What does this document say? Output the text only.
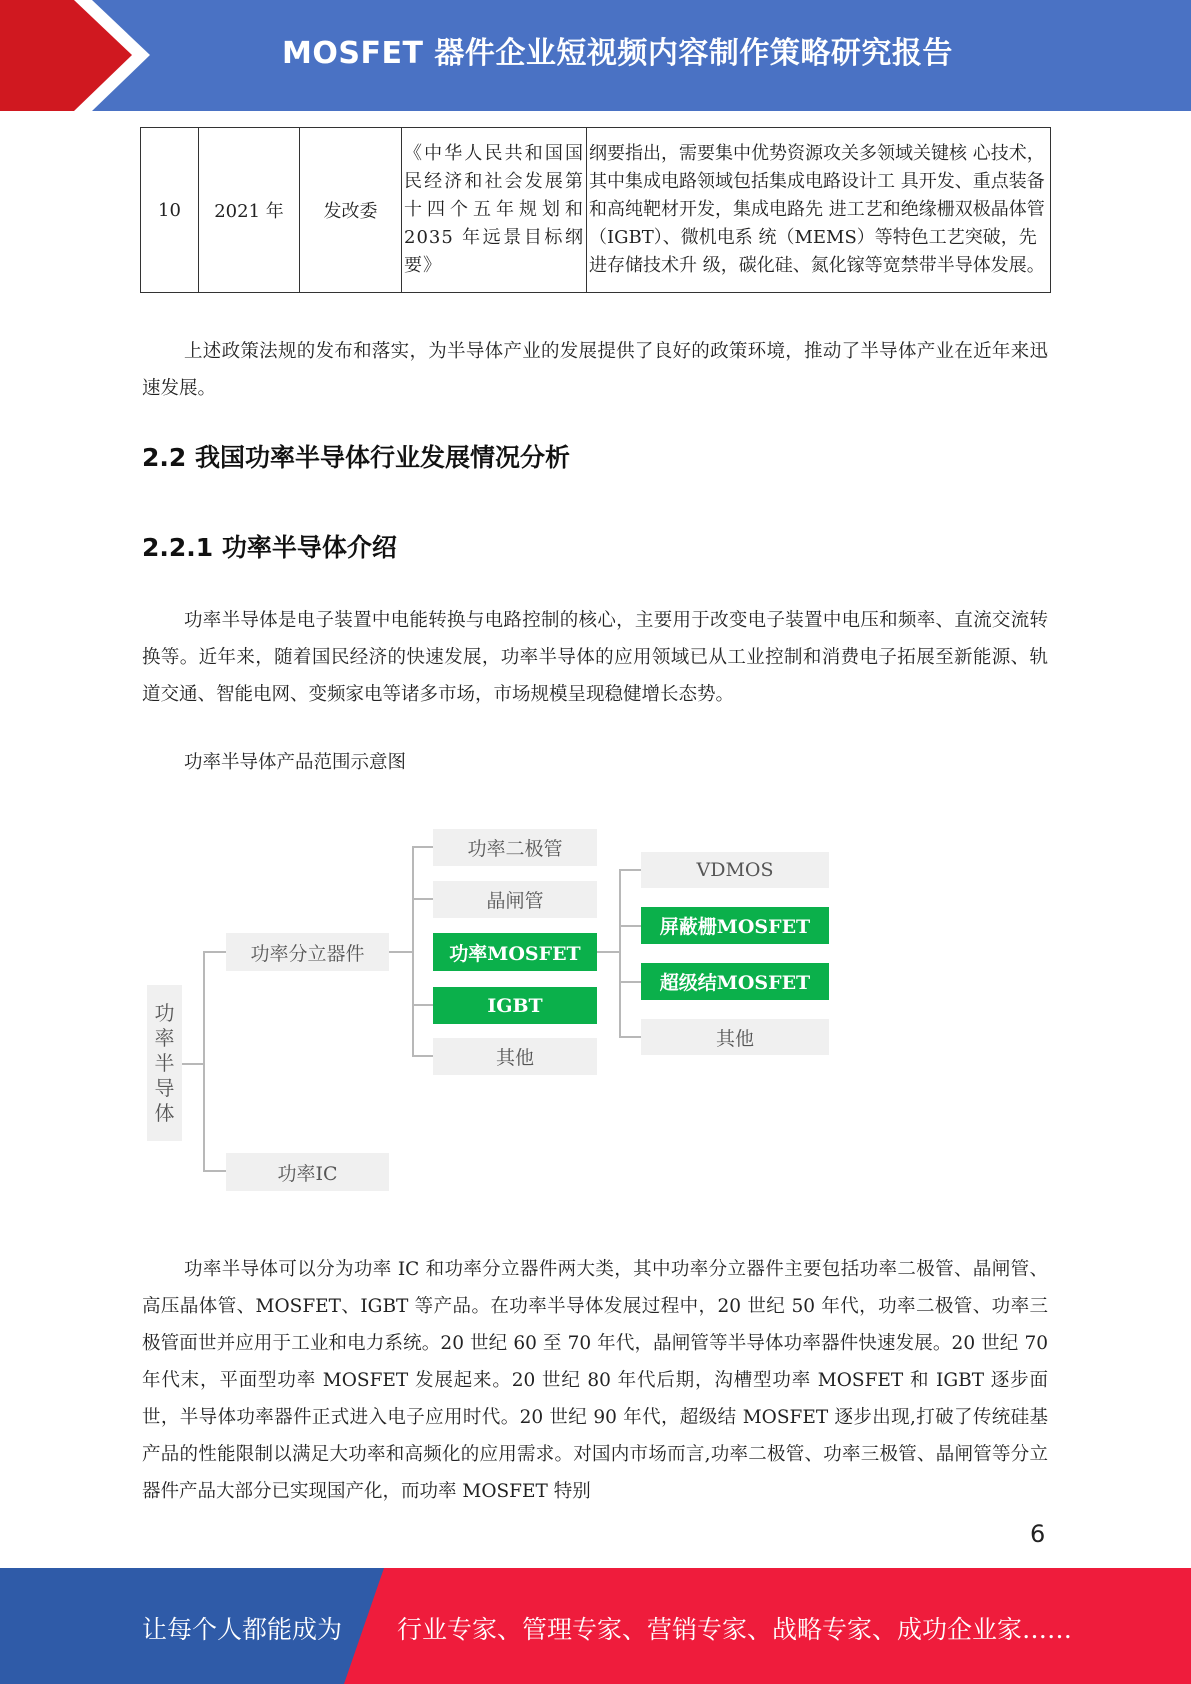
MOSFET 器件企业短视频内容制作策略研究报告
10	2021 年	发改委	《中华人民共和国国民经济和社会发展第十四个五年规划和 2035 年远景目标纲要》	纲要指出，需要集中优势资源攻关多领域关键核 心技术，其中集成电路领域包括集成电路设计工 具开发、重点装备和高纯靶材开发，集成电路先 进工艺和绝缘栅双极晶体管（IGBT）、微机电系 统（MEMS）等特色工艺突破，先进存储技术升 级，碳化硅、氮化镓等宽禁带半导体发展。

上述政策法规的发布和落实，为半导体产业的发展提供了良好的政策环境，推动了半导体产业在近年来迅速发展。

2.2 我国功率半导体行业发展情况分析
2.2.1 功率半导体介绍

功率半导体是电子装置中电能转换与电路控制的核心，主要用于改变电子装置中电压和频率、直流交流转换等。近年来，随着国民经济的快速发展，功率半导体的应用领域已从工业控制和消费电子拓展至新能源、轨道交通、智能电网、变频家电等诸多市场，市场规模呈现稳健增长态势。

功率半导体产品范围示意图
功
率
半
导
体
功率分立器件
功率IC
功率二极管
晶闸管
功率MOSFET
IGBT
其他
VDMOS
屏蔽栅MOSFET
超级结MOSFET
其他

功率半导体可以分为功率 IC 和功率分立器件两大类，其中功率分立器件主要包括功率二极管、晶闸管、高压晶体管、MOSFET、IGBT 等产品。在功率半导体发展过程中，20 世纪 50 年代，功率二极管、功率三极管面世并应用于工业和电力系统。20 世纪 60 至 70 年代，晶闸管等半导体功率器件快速发展。20 世纪 70 年代末，平面型功率 MOSFET 发展起来。20 世纪 80 年代后期，沟槽型功率 MOSFET 和 IGBT 逐步面世，半导体功率器件正式进入电子应用时代。20 世纪 90 年代，超级结 MOSFET 逐步出现,打破了传统硅基产品的性能限制以满足大功率和高频化的应用需求。对国内市场而言,功率二极管、功率三极管、晶闸管等分立器件产品大部分已实现国产化，而功率 MOSFET 特别

6
让每个人都能成为 行业专家、管理专家、营销专家、战略专家、成功企业家……
